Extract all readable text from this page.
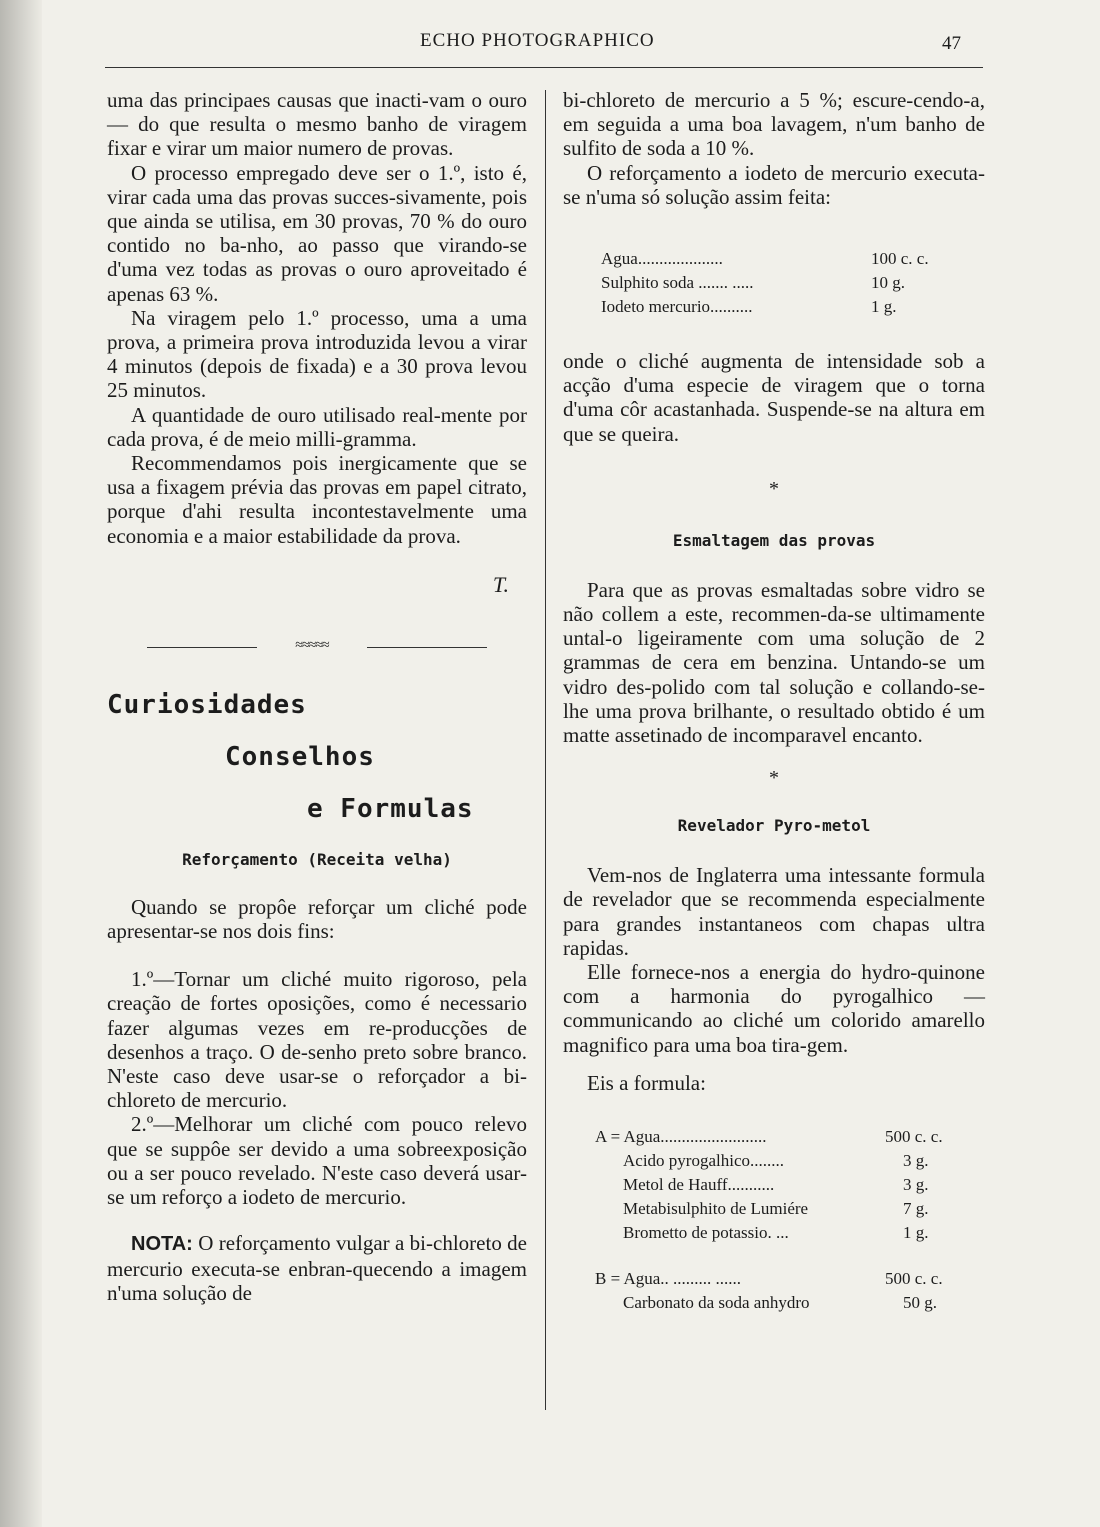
ECHO PHOTOGRAPHICO	47

uma das principaes causas que inacti-vam o ouro — do que resulta o mesmo banho de viragem fixar e virar um maior numero de provas.

O processo empregado deve ser o 1.º, isto é, virar cada uma das provas succes-sivamente, pois que ainda se utilisa, em 30 provas, 70 % do ouro contido no ba-nho, ao passo que virando-se d'uma vez todas as provas o ouro aproveitado é apenas 63 %.

Na viragem pelo 1.º processo, uma a uma prova, a primeira prova introduzida levou a virar 4 minutos (depois de fixada) e a 30 prova levou 25 minutos.

A quantidade de ouro utilisado real-mente por cada prova, é de meio milli-gramma.

Recommendamos pois inergicamente que se usa a fixagem prévia das provas em papel citrato, porque d'ahi resulta incontestavelmente uma economia e a maior estabilidade da prova.

T.

≈≈≈≈≈

Curiosidades

Conselhos

e Formulas

Reforçamento (Receita velha)

Quando se propôe reforçar um cliché pode apresentar-se nos dois fins:

1.º—Tornar um cliché muito rigoroso, pela creação de fortes oposições, como é necessario fazer algumas vezes em re-producções de desenhos a traço. O de-senho preto sobre branco. N'este caso deve usar-se o reforçador a bi-chloreto de mercurio.

2.º—Melhorar um cliché com pouco relevo que se suppôe ser devido a uma sobreexposição ou a ser pouco revelado. N'este caso deverá usar-se um reforço a iodeto de mercurio.

NOTA: O reforçamento vulgar a bi-chloreto de mercurio executa-se enbran-quecendo a imagem n'uma solução de

bi-chloreto de mercurio a 5 %; escure-cendo-a, em seguida a uma boa lavagem, n'um banho de sulfito de soda a 10 %.

O reforçamento a iodeto de mercurio executa-se n'uma só solução assim feita:

Agua....................	100 c. c.
Sulphito soda ....... .....	10 g.
Iodeto mercurio..........	1 g.

onde o cliché augmenta de intensidade sob a acção d'uma especie de viragem que o torna d'uma côr acastanhada. Suspende-se na altura em que se queira.

*

Esmaltagem das provas

Para que as provas esmaltadas sobre vidro se não collem a este, recommen-da-se ultimamente untal-o ligeiramente com uma solução de 2 grammas de cera em benzina. Untando-se um vidro des-polido com tal solução e collando-se-lhe uma prova brilhante, o resultado obtido é um matte assetinado de incomparavel encanto.

*

Revelador Pyro-metol

Vem-nos de Inglaterra uma intessante formula de revelador que se recommenda especialmente para grandes instantaneos com chapas ultra rapidas.

Elle fornece-nos a energia do hydro-quinone com a harmonia do pyrogalhico — communicando ao cliché um colorido amarello magnifico para uma boa tira-gem.

Eis a formula:

A = Agua.........................	500 c. c.
Acido pyrogalhico........	3 g.
Metol de Hauff...........	3 g.
Metabisulphito de Lumiére	7 g.
Brometto de potassio. ...	1 g.
B = Agua.. ......... ......	500 c. c.
Carbonato da soda anhydro	50 g.
